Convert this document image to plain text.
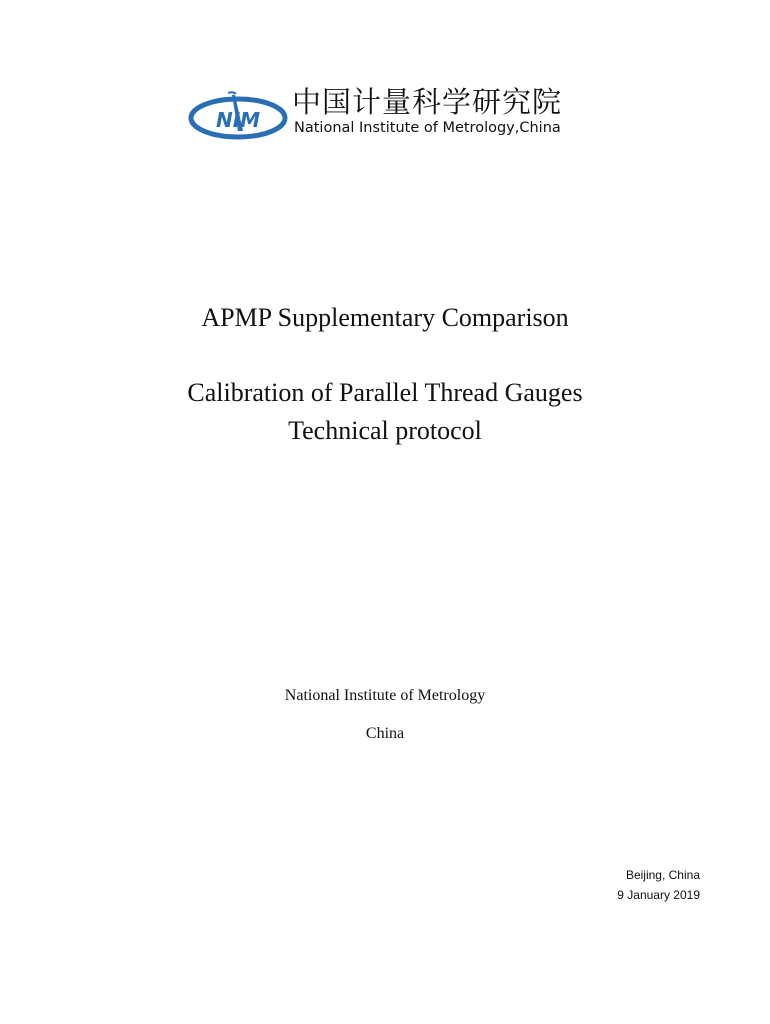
NIM
中国计量科学研究院
National Institute of Metrology,China
APMP Supplementary Comparison
Calibration of Parallel Thread Gauges
Technical protocol
National Institute of Metrology
China
Beijing, China
9 January 2019
